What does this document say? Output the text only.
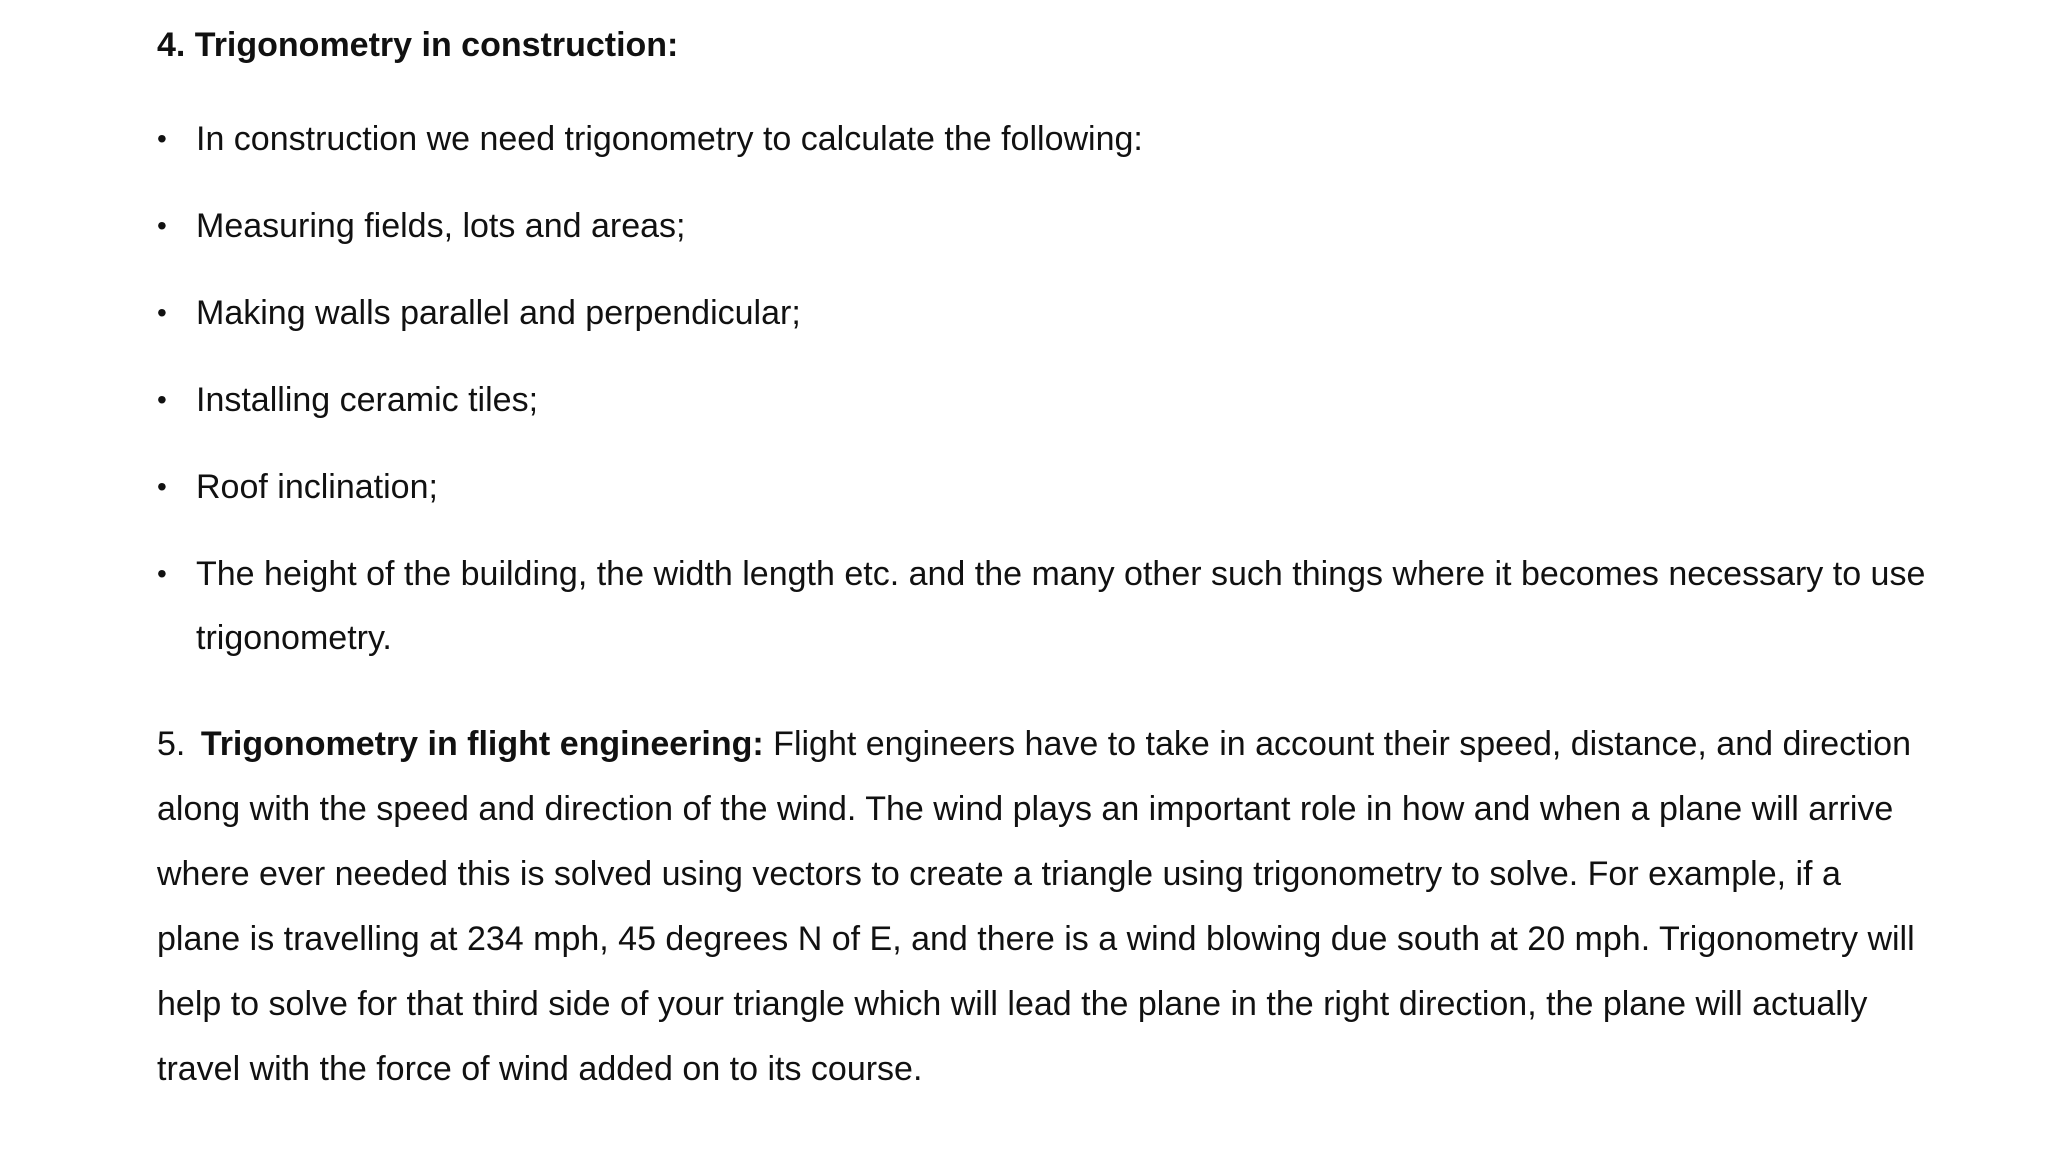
4. Trigonometry in construction:
• In construction we need trigonometry to calculate the following:
• Measuring fields, lots and areas;
• Making walls parallel and perpendicular;
• Installing ceramic tiles;
• Roof inclination;
• The height of the building, the width length etc. and the many other such things where it becomes necessary to use trigonometry.
5. Trigonometry in flight engineering: Flight engineers have to take in account their speed, distance, and direction along with the speed and direction of the wind. The wind plays an important role in how and when a plane will arrive where ever needed this is solved using vectors to create a triangle using trigonometry to solve. For example, if a plane is travelling at 234 mph, 45 degrees N of E, and there is a wind blowing due south at 20 mph. Trigonometry will help to solve for that third side of your triangle which will lead the plane in the right direction, the plane will actually travel with the force of wind added on to its course.
